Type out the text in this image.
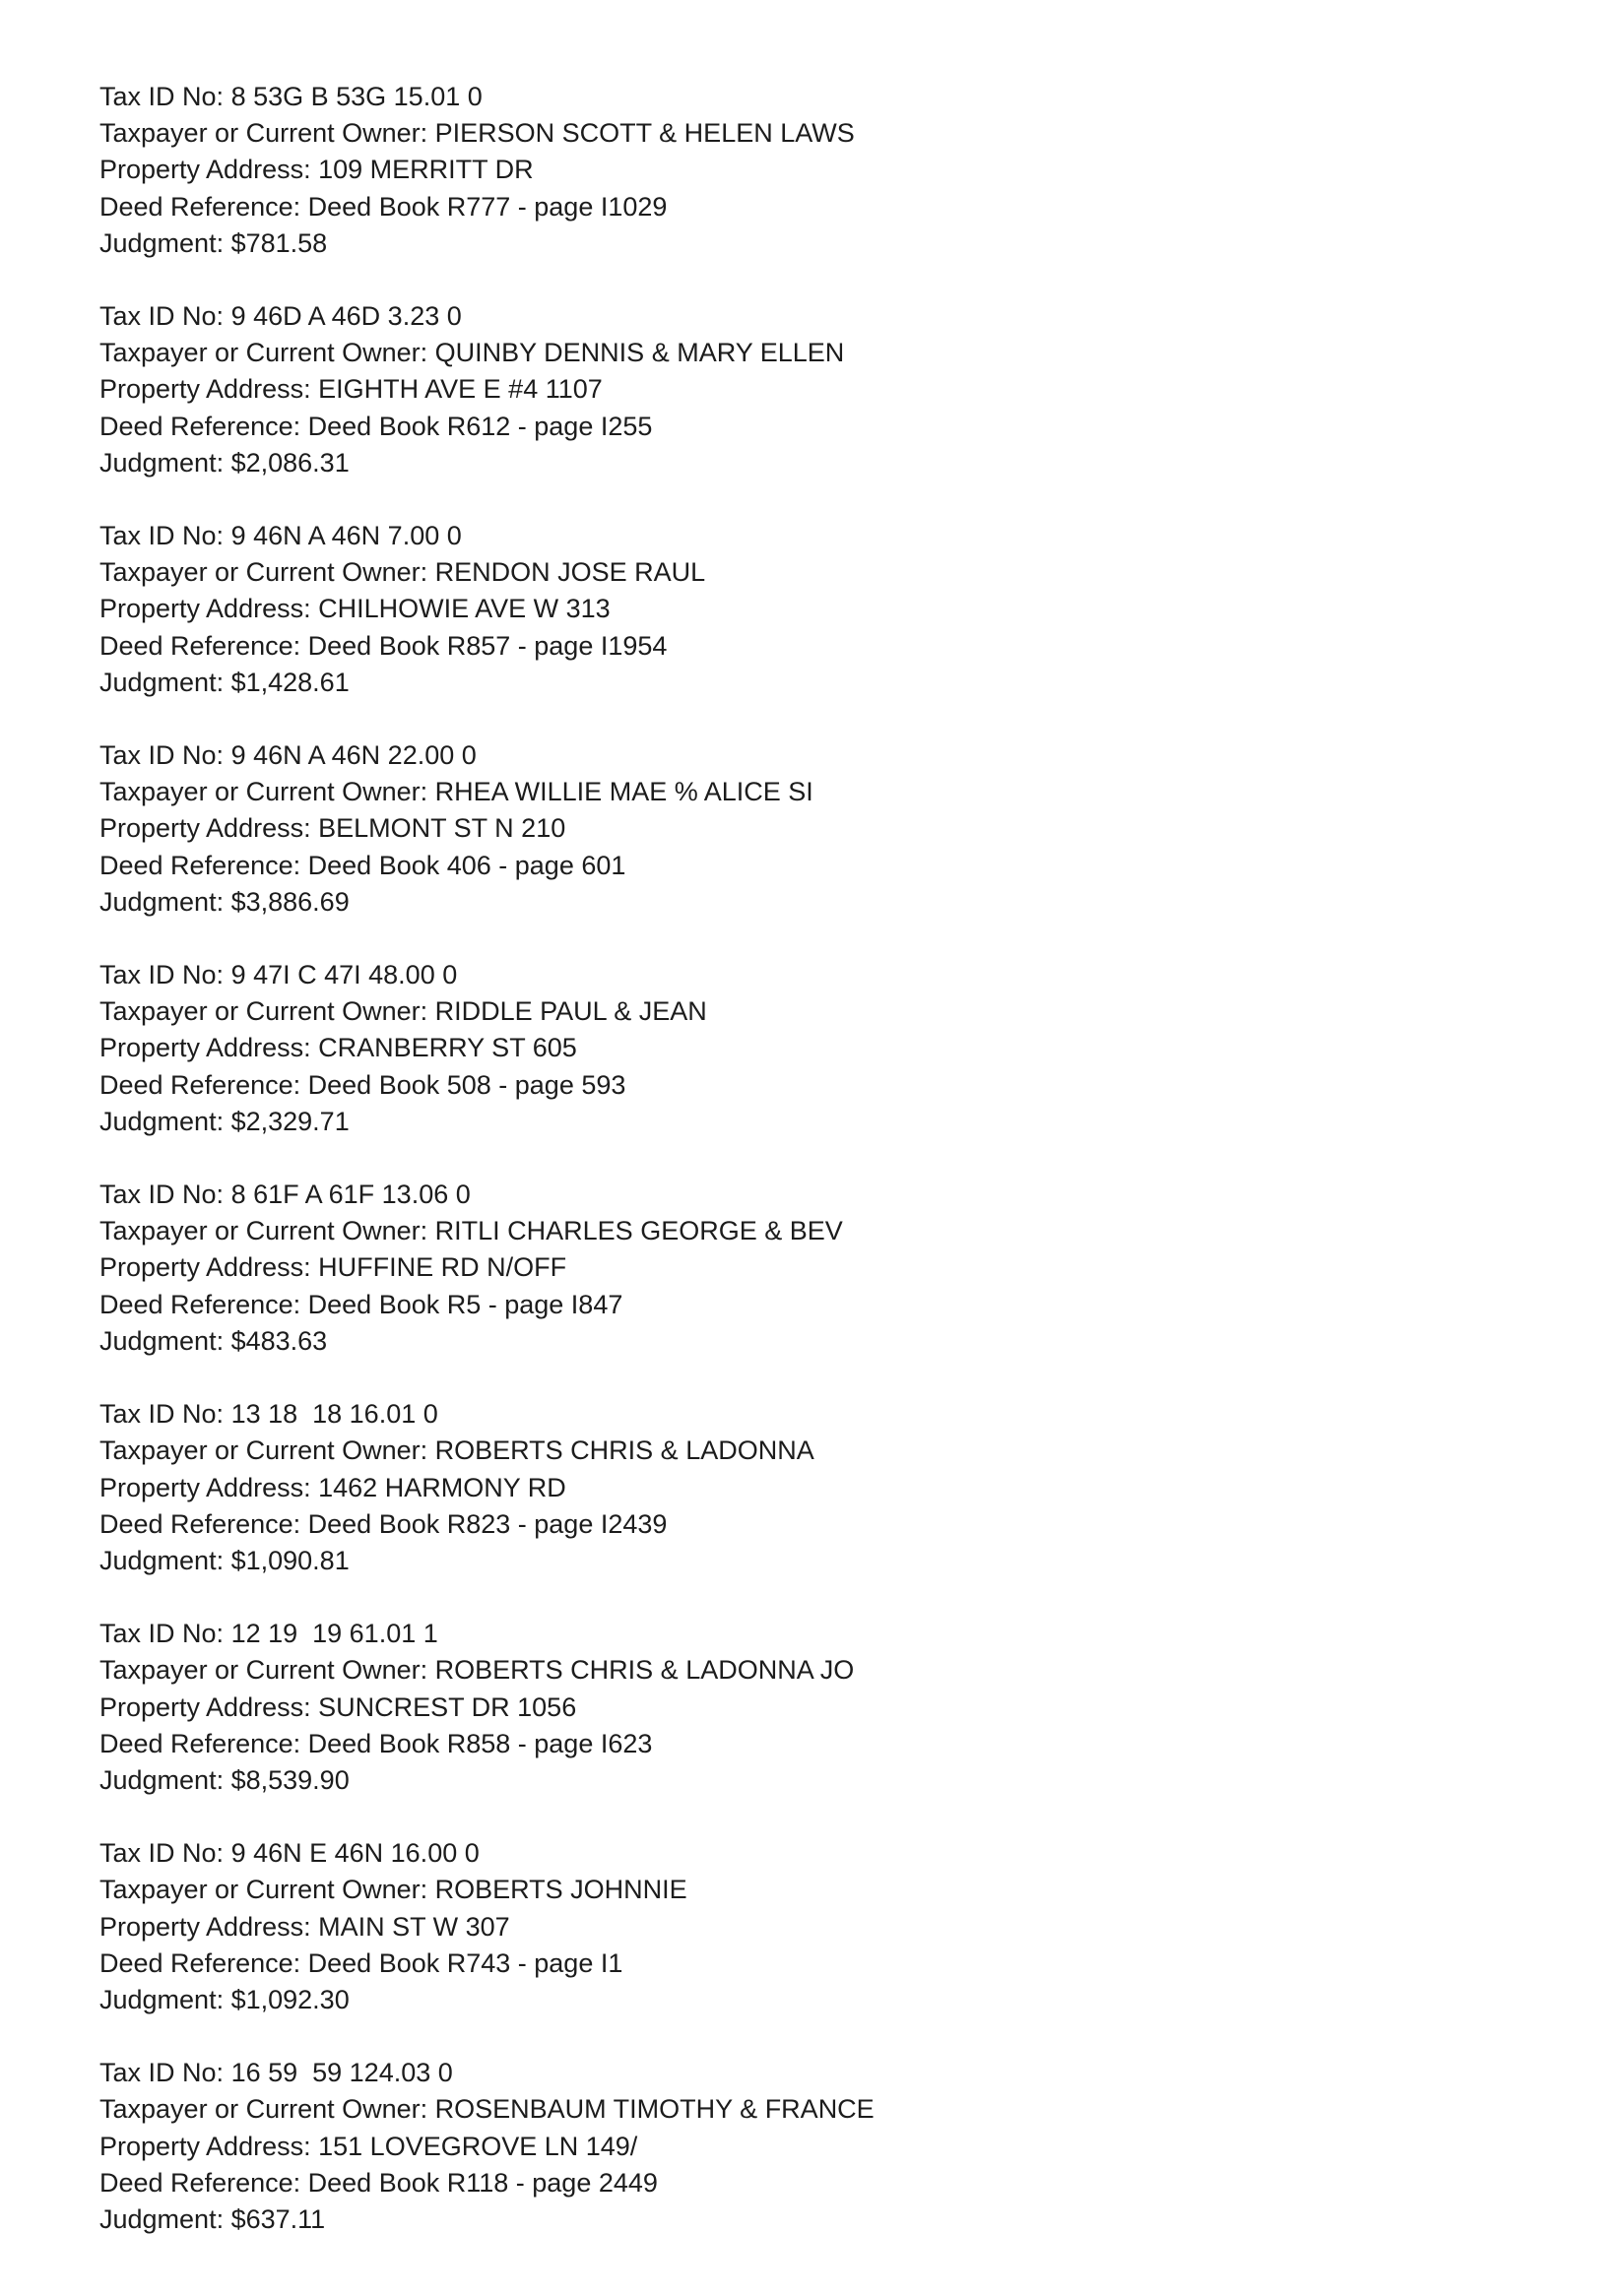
Tax ID No: 8 53G B 53G 15.01 0
Taxpayer or Current Owner: PIERSON SCOTT & HELEN LAWS
Property Address: 109 MERRITT DR
Deed Reference: Deed Book R777 - page I1029
Judgment: $781.58
Tax ID No: 9 46D A 46D 3.23 0
Taxpayer or Current Owner: QUINBY DENNIS & MARY ELLEN
Property Address: EIGHTH AVE E #4 1107
Deed Reference: Deed Book R612 - page I255
Judgment: $2,086.31
Tax ID No: 9 46N A 46N 7.00 0
Taxpayer or Current Owner: RENDON JOSE RAUL
Property Address: CHILHOWIE AVE W 313
Deed Reference: Deed Book R857 - page I1954
Judgment: $1,428.61
Tax ID No: 9 46N A 46N 22.00 0
Taxpayer or Current Owner: RHEA WILLIE MAE % ALICE SI
Property Address: BELMONT ST N 210
Deed Reference: Deed Book 406 - page 601
Judgment: $3,886.69
Tax ID No: 9 47I C 47I 48.00 0
Taxpayer or Current Owner: RIDDLE PAUL & JEAN
Property Address: CRANBERRY ST 605
Deed Reference: Deed Book 508 - page 593
Judgment: $2,329.71
Tax ID No: 8 61F A 61F 13.06 0
Taxpayer or Current Owner: RITLI CHARLES GEORGE & BEV
Property Address: HUFFINE RD N/OFF
Deed Reference: Deed Book R5 - page I847
Judgment: $483.63
Tax ID No: 13 18  18 16.01 0
Taxpayer or Current Owner: ROBERTS CHRIS & LADONNA
Property Address: 1462 HARMONY RD
Deed Reference: Deed Book R823 - page I2439
Judgment: $1,090.81
Tax ID No: 12 19  19 61.01 1
Taxpayer or Current Owner: ROBERTS CHRIS & LADONNA JO
Property Address: SUNCREST DR 1056
Deed Reference: Deed Book R858 - page I623
Judgment: $8,539.90
Tax ID No: 9 46N E 46N 16.00 0
Taxpayer or Current Owner: ROBERTS JOHNNIE
Property Address: MAIN ST W 307
Deed Reference: Deed Book R743 - page I1
Judgment: $1,092.30
Tax ID No: 16 59  59 124.03 0
Taxpayer or Current Owner: ROSENBAUM TIMOTHY & FRANCE
Property Address: 151 LOVEGROVE LN 149/
Deed Reference: Deed Book R118 - page 2449
Judgment: $637.11
